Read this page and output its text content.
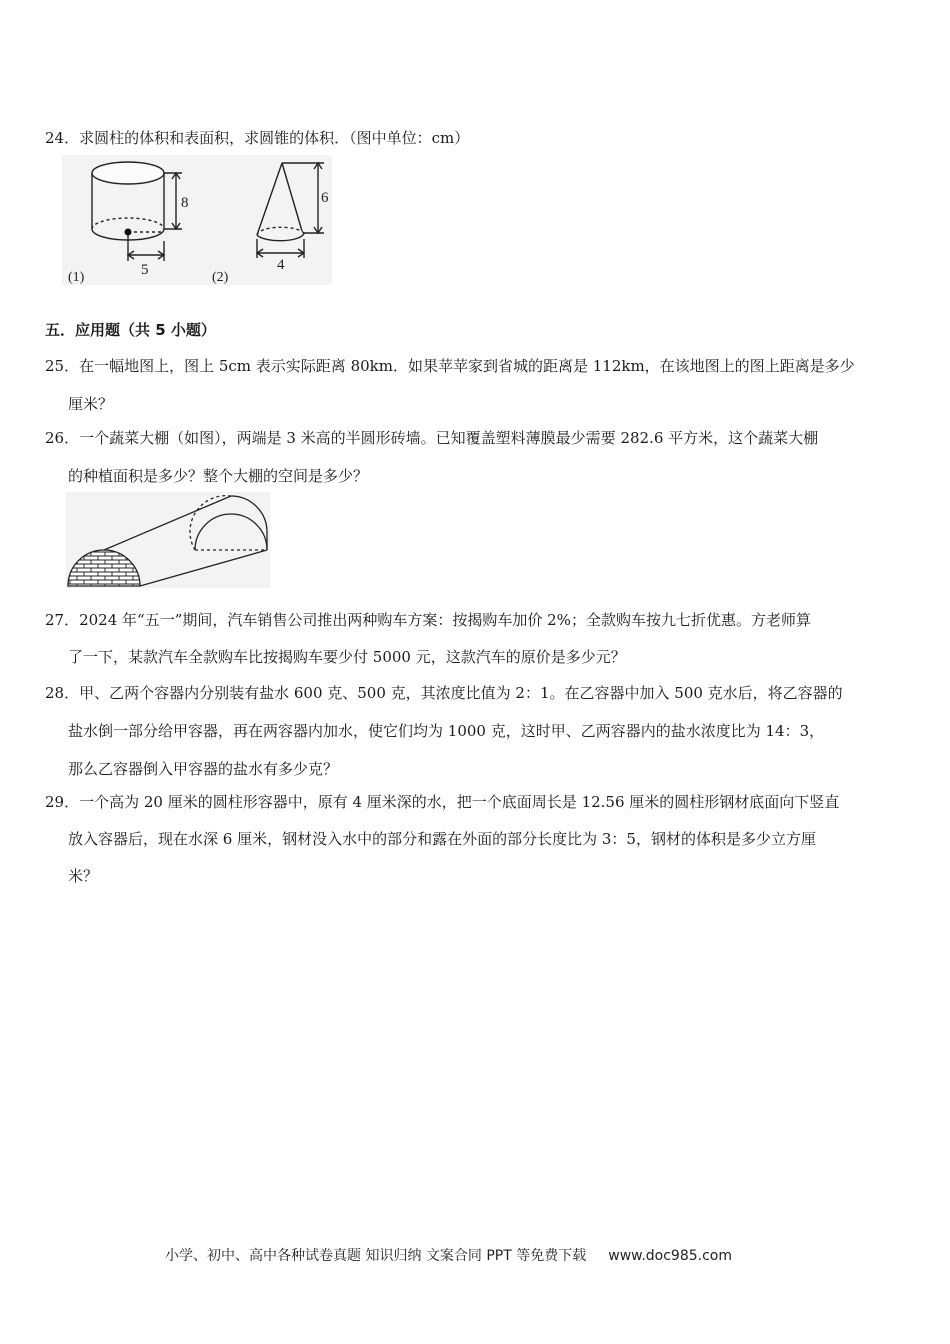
24．求圆柱的体积和表面积，求圆锥的体积．（图中单位：cm）
8
5
(1)
6
4
(2)
五．应用题（共 5 小题）
25．在一幅地图上，图上 5cm 表示实际距离 80km．如果苹苹家到省城的距离是 112km，在该地图上的图上距离是多少
厘米？
26．一个蔬菜大棚（如图），两端是 3 米高的半圆形砖墙。已知覆盖塑料薄膜最少需要 282.6 平方米，这个蔬菜大棚
的种植面积是多少？整个大棚的空间是多少？
27．2024 年“五一”期间，汽车销售公司推出两种购车方案：按揭购车加价 2%；全款购车按九七折优惠。方老师算
了一下，某款汽车全款购车比按揭购车要少付 5000 元，这款汽车的原价是多少元？
28．甲、乙两个容器内分别装有盐水 600 克、500 克，其浓度比值为 2：1。在乙容器中加入 500 克水后，将乙容器的
盐水倒一部分给甲容器，再在两容器内加水，使它们均为 1000 克，这时甲、乙两容器内的盐水浓度比为 14：3，
那么乙容器倒入甲容器的盐水有多少克？
29．一个高为 20 厘米的圆柱形容器中，原有 4 厘米深的水，把一个底面周长是 12.56 厘米的圆柱形钢材底面向下竖直
放入容器后，现在水深 6 厘米，钢材没入水中的部分和露在外面的部分长度比为 3：5，钢材的体积是多少立方厘
米？
小学、初中、高中各种试卷真题 知识归纳 文案合同 PPT 等免费下载 www.doc985.com
